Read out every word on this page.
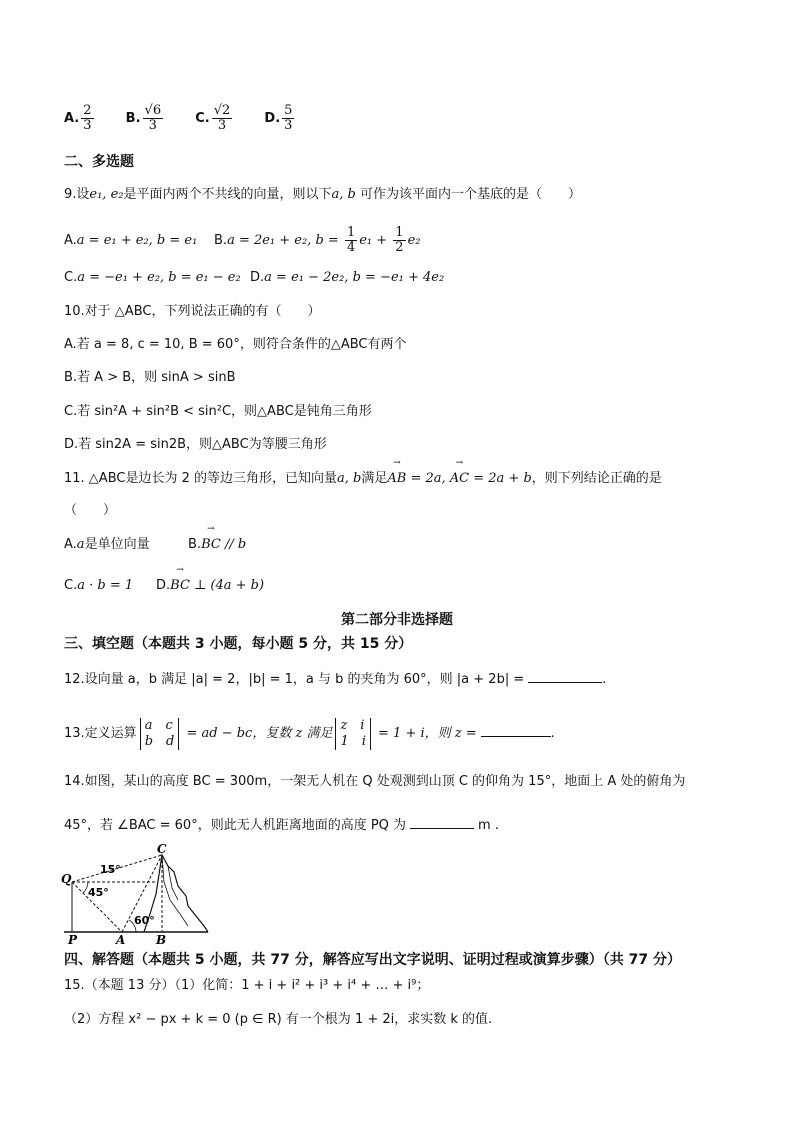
A. $\frac{2}{3} B$. $\frac{√6}{3} C$. $\frac{√2}{3} D$. $\frac{5}{3}$
二、多选题
9.设e₁, e₂是平面内两个不共线的向量，则以下a, b 可作为该平面内一个基底的是（　　）
A.a = e₁ + e₂, b = e₁ B.a = 2e₁ + e₂, $b = \frac{1}{4} e_1 + \frac{1}{2} e_2$
C.a = −e₁ + e₂, b = e₁ − e₂ D.a = e₁ − 2e₂, b = −e₁ + 4e₂
10.对于 △ABC，下列说法正确的有（　　）
A.若 a = 8, c = 10, B = 60°，则符合条件的△ABC有两个
B.若 A > B，则 sinA > sinB
C.若 sin²A + sin²B < sin²C，则△ABC是钝角三角形
D.若 sin2A = sin2B，则△ABC为等腰三角形
11. △ABC是边长为 2 的等边三角形，已知向量a, b满足→ AB = 2a, → AC = 2a + b，则下列结论正确的是
（　　）
A.a是单位向量	B.→ BC // b
C.a · b = 1 D.→ BC ⊥ (4a + b)
第二部分非选择题
三、填空题（本题共 3 小题，每小题 5 分，共 15 分）
12.设向量 a，b 满足 |a| = 2，|b| = 1，a 与 b 的夹角为 60°，则 |a + 2b| =	.
13.定义运算
a　c
b　d = ad − bc，复数 z 满足
z　i
1　i = 1 + i，则 z =	.
14.如图，某山的高度 BC = 300m，一架无人机在 Q 处观测到山顶 C 的仰角为 15°，地面上 A 处的俯角为
45°，若 ∠BAC = 60°，则此无人机距离地面的高度 PQ 为	m .
C
Q
P	A	B
15°
45°
60°
四、解答题（本题共 5 小题，共 77 分，解答应写出文字说明、证明过程或演算步骤）（共 77 分）
15.（本题 13 分）（1）化简：1 + i + i² + i³ + i⁴ + … + i⁹；
（2）方程 x² − px + k = 0 (p ∈ R) 有一个根为 1 + 2i，求实数 k 的值.
